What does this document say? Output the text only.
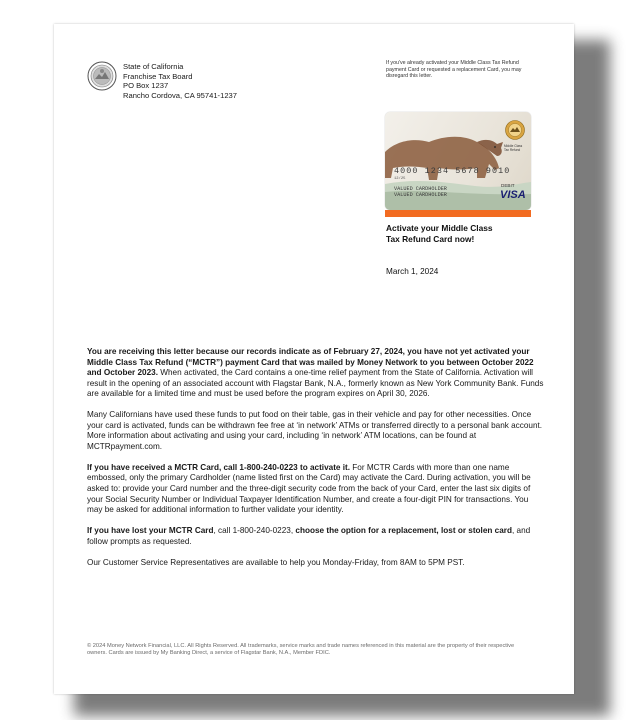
State of California
Franchise Tax Board
PO Box 1237
Rancho Cordova, CA 95741-1237
If you've already activated your Middle Class Tax Refund payment Card or requested a replacement Card, you may disregard this letter.
Middle Class
Tax Refund
4000 1234 5678 9010
12/25
VALUED CARDHOLDER
VALUED CARDHOLDER
DEBIT
VISA
Activate your Middle Class
Tax Refund Card now!
March 1, 2024

You are receiving this letter because our records indicate as of February 27, 2024, you have not yet activated your Middle Class Tax Refund (“MCTR”) payment Card that was mailed by Money Network to you between October 2022 and October 2023. When activated, the Card contains a one-time relief payment from the State of California. Activation will result in the opening of an associated account with Flagstar Bank, N.A., formerly known as New York Community Bank. Funds are available for a limited time and must be used before the program expires on April 30, 2026.

Many Californians have used these funds to put food on their table, gas in their vehicle and pay for other necessities. Once your card is activated, funds can be withdrawn fee free at ‘in network’ ATMs or transferred directly to a personal bank account. More information about activating and using your card, including ‘in network’ ATM locations, can be found at MCTRpayment.com.

If you have received a MCTR Card, call 1-800-240-0223 to activate it. For MCTR Cards with more than one name embossed, only the primary Cardholder (name listed first on the Card) may activate the Card. During activation, you will be asked to: provide your Card number and the three-digit security code from the back of your Card, enter the last six digits of your Social Security Number or Individual Taxpayer Identification Number, and create a four-digit PIN for transactions. You may be asked for additional information to further validate your identity.

If you have lost your MCTR Card, call 1-800-240-0223, choose the option for a replacement, lost or stolen card, and follow prompts as requested.

Our Customer Service Representatives are available to help you Monday-Friday, from 8AM to 5PM PST.

© 2024 Money Network Financial, LLC. All Rights Reserved. All trademarks, service marks and trade names referenced in this material are the property of their respective owners. Cards are issued by My Banking Direct, a service of Flagstar Bank, N.A., Member FDIC.
